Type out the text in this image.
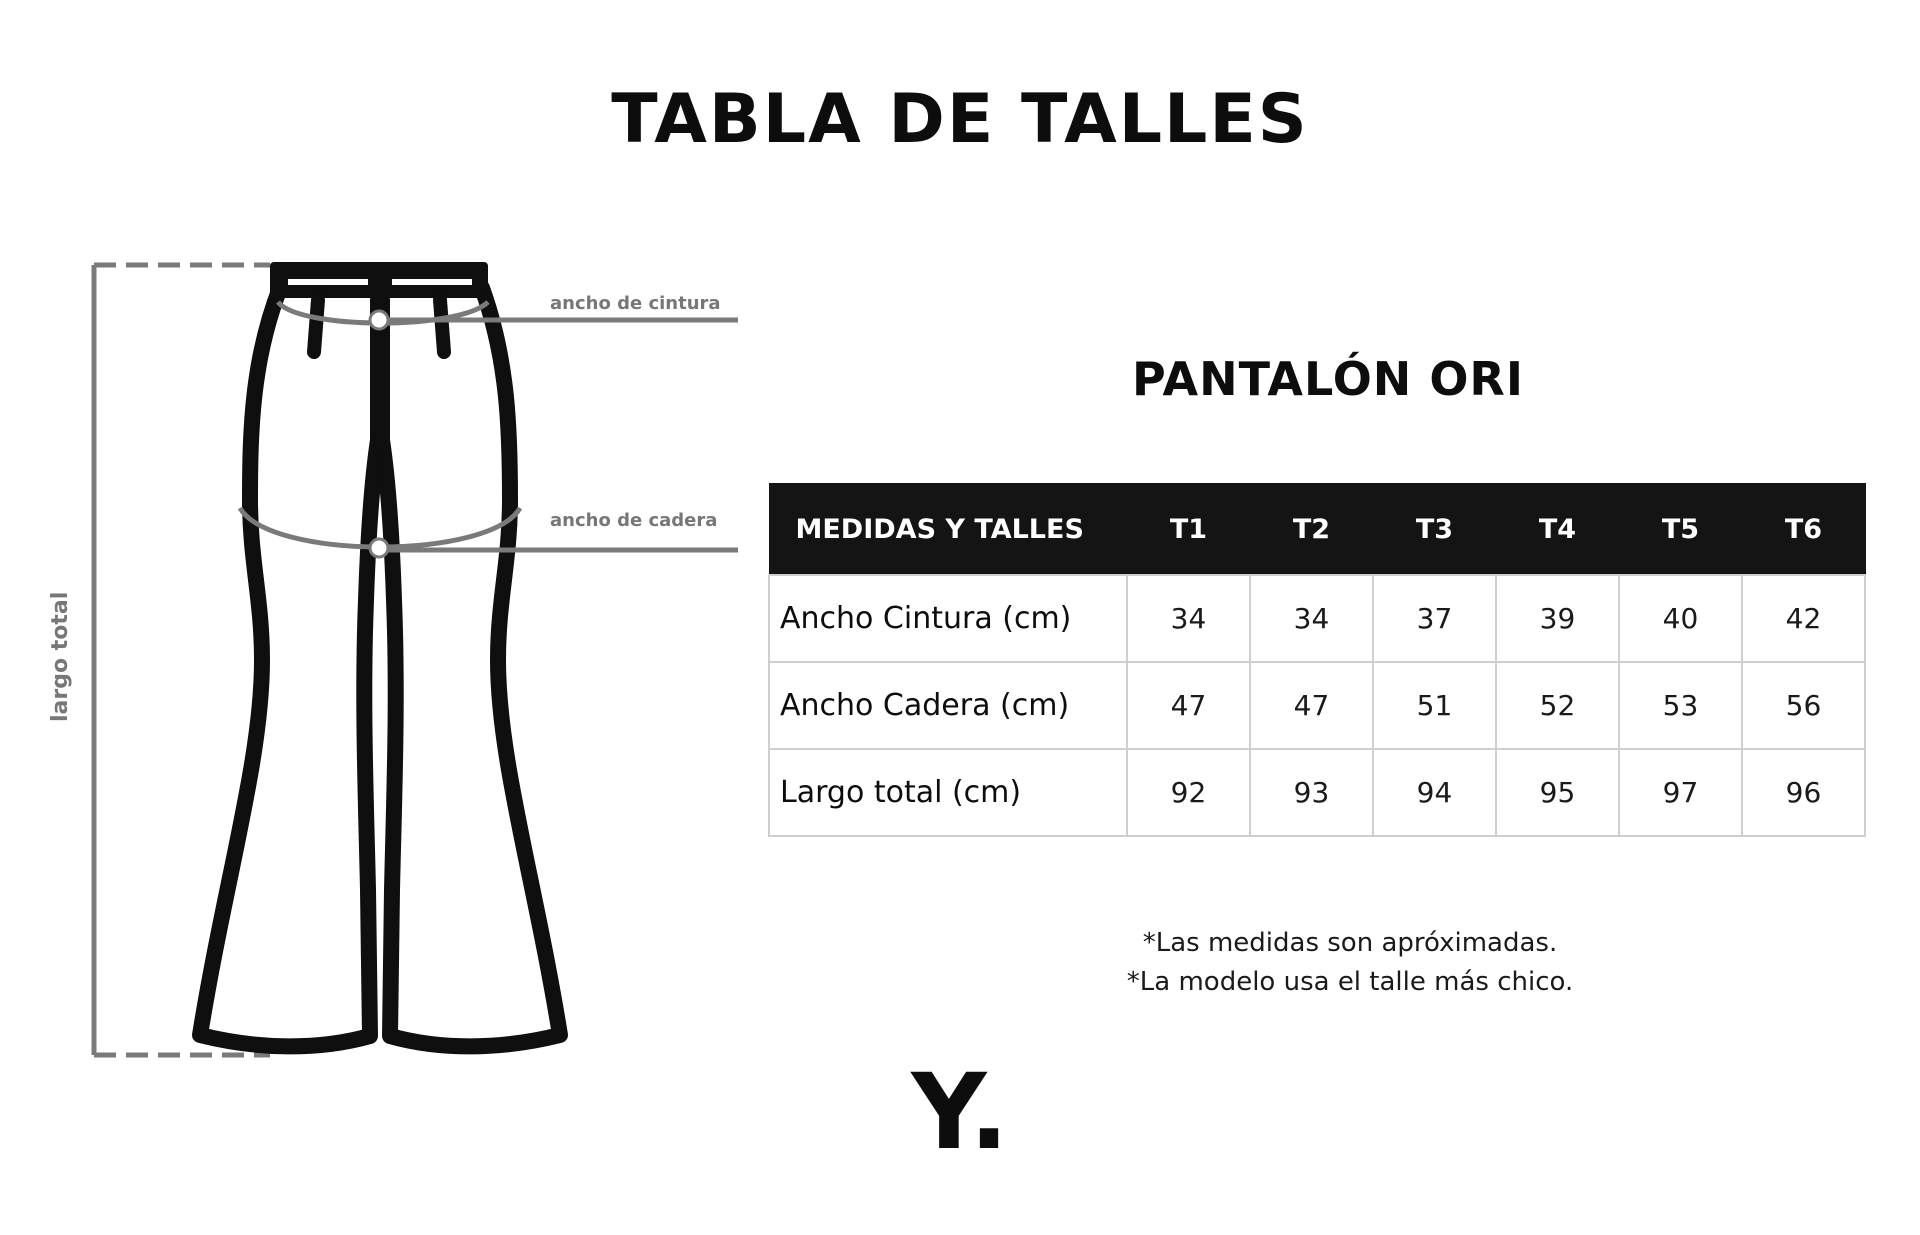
TABLA DE TALLES
ancho de cintura
ancho de cadera
largo total
PANTALÓN ORI
MEDIDAS Y TALLES	T1	T2	T3	T4	T5	T6
Ancho Cintura (cm)	34	34	37	39	40	42
Ancho Cadera (cm)	47	47	51	52	53	56
Largo total (cm)	92	93	94	95	97	96
*Las medidas son apróximadas.
*La modelo usa el talle más chico.
Y.
